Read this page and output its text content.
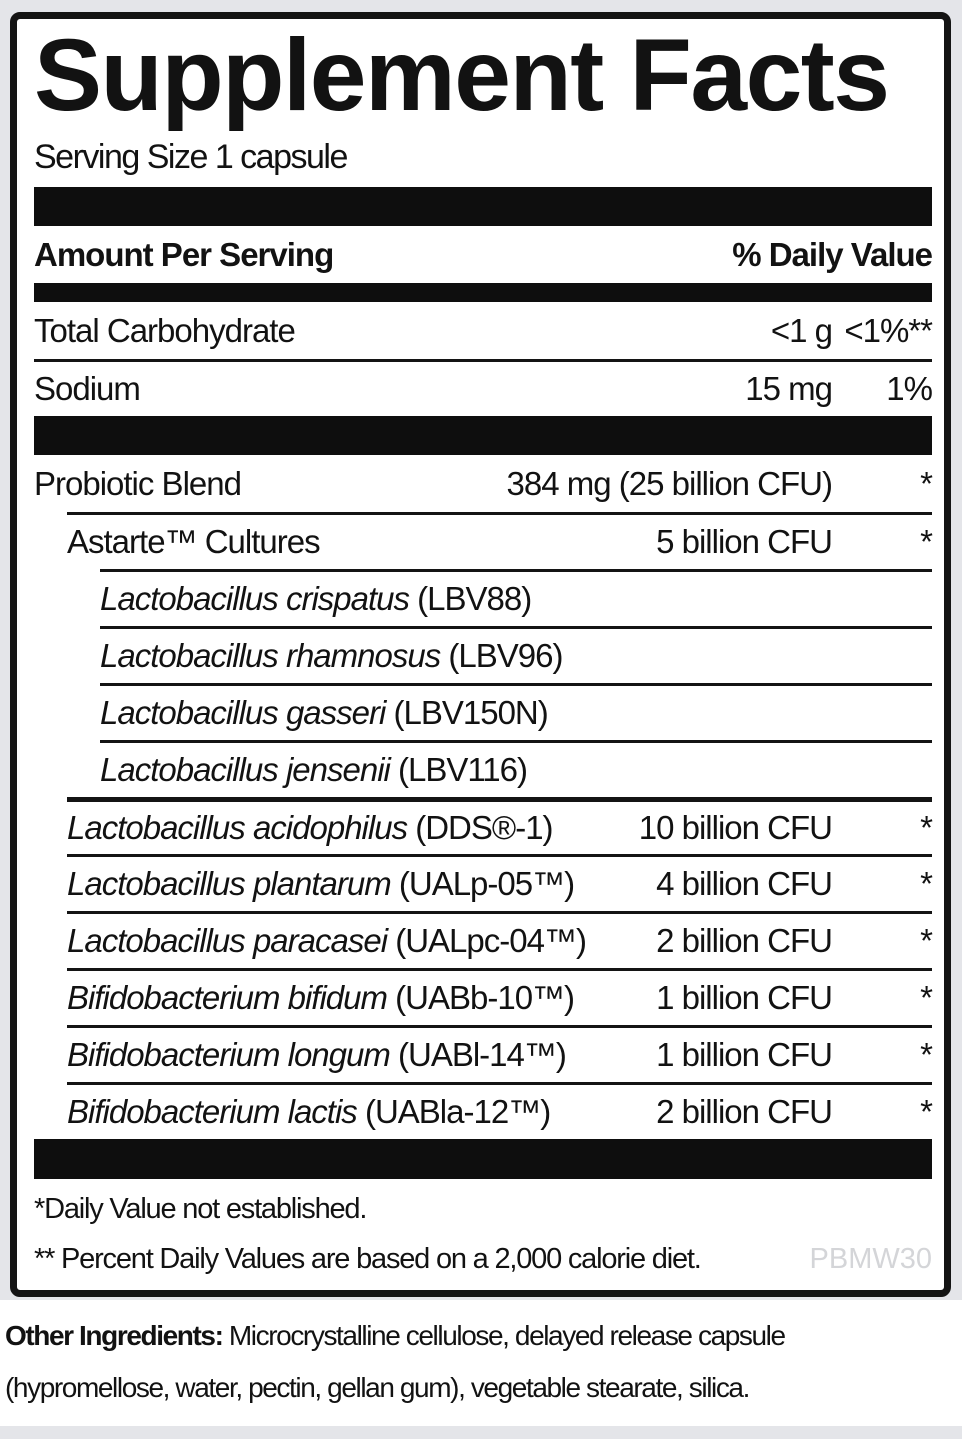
Supplement Facts
Serving Size 1 capsule
Amount Per Serving	% Daily Value
Total Carbohydrate	<1 g <1%**
Sodium	15 mg	1%
Probiotic Blend	384 mg (25 billion CFU)	*
Astarte™ Cultures	5 billion CFU	*
Lactobacillus crispatus (LBV88)
Lactobacillus rhamnosus (LBV96)
Lactobacillus gasseri (LBV150N)
Lactobacillus jensenii (LBV116)
Lactobacillus acidophilus (DDS®-1)	10 billion CFU	*
Lactobacillus plantarum (UALp-05™)	4 billion CFU	*
Lactobacillus paracasei (UALpc-04™)	2 billion CFU	*
Bifidobacterium bifidum (UABb-10™)	1 billion CFU	*
Bifidobacterium longum (UABl-14™)	1 billion CFU	*
Bifidobacterium lactis (UABla-12™)	2 billion CFU	*
*Daily Value not established.
** Percent Daily Values are based on a 2,000 calorie diet.	PBMW30
Other Ingredients: Microcrystalline cellulose, delayed release capsule
(hypromellose, water, pectin, gellan gum), vegetable stearate, silica.
